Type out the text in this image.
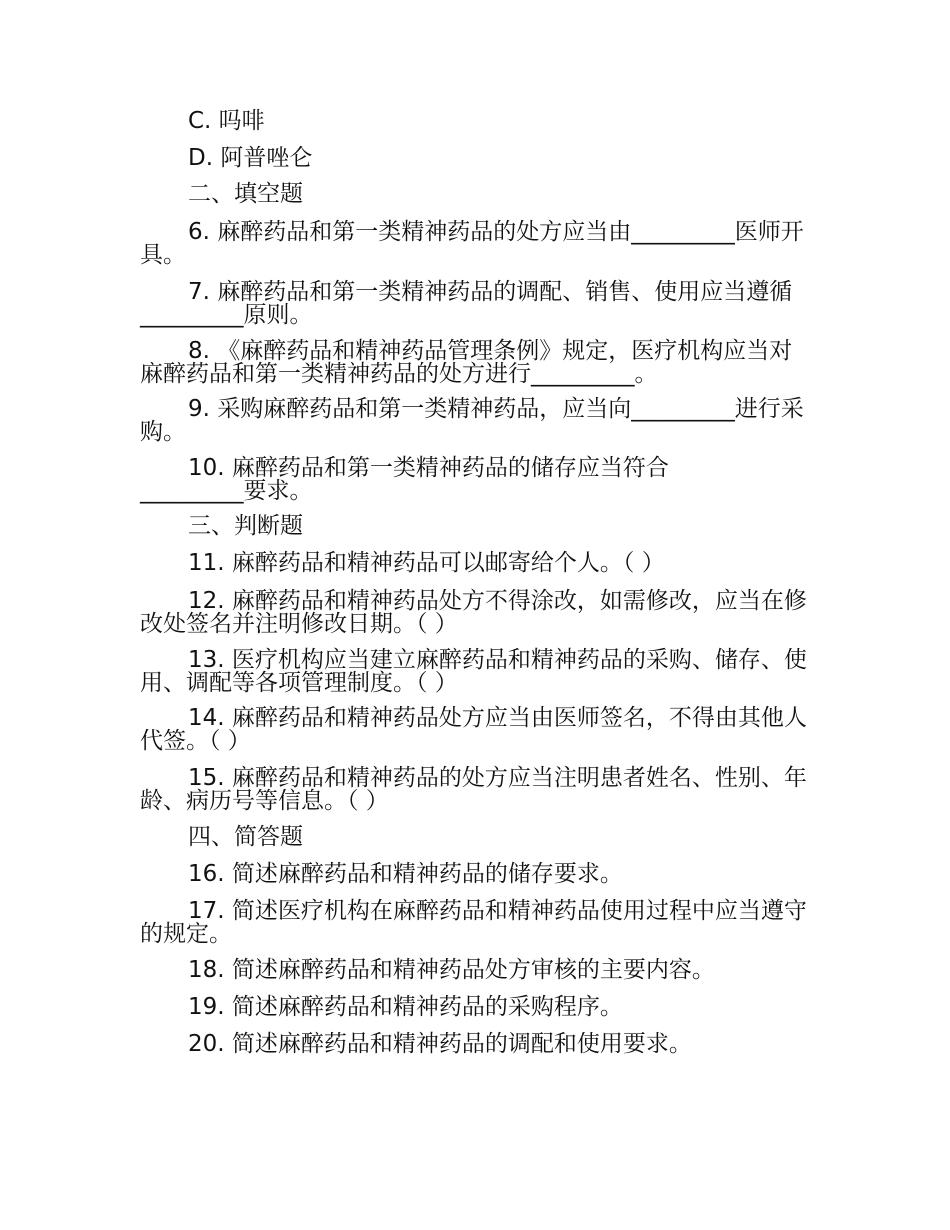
C. 吗啡

D. 阿普唑仑

二、填空题

6. 麻醉药品和第一类精神药品的处方应当由_________医师开具。

7. 麻醉药品和第一类精神药品的调配、销售、使用应当遵循_________原则。

8. 《麻醉药品和精神药品管理条例》规定，医疗机构应当对麻醉药品和第一类精神药品的处方进行_________。

9. 采购麻醉药品和第一类精神药品，应当向_________进行采购。

10. 麻醉药品和第一类精神药品的储存应当符合_________要求。

三、判断题

11. 麻醉药品和精神药品可以邮寄给个人。（ ）

12. 麻醉药品和精神药品处方不得涂改，如需修改，应当在修改处签名并注明修改日期。（ ）

13. 医疗机构应当建立麻醉药品和精神药品的采购、储存、使用、调配等各项管理制度。（ ）

14. 麻醉药品和精神药品处方应当由医师签名，不得由其他人代签。（ ）

15. 麻醉药品和精神药品的处方应当注明患者姓名、性别、年龄、病历号等信息。（ ）

四、简答题

16. 简述麻醉药品和精神药品的储存要求。

17. 简述医疗机构在麻醉药品和精神药品使用过程中应当遵守的规定。

18. 简述麻醉药品和精神药品处方审核的主要内容。

19. 简述麻醉药品和精神药品的采购程序。

20. 简述麻醉药品和精神药品的调配和使用要求。
